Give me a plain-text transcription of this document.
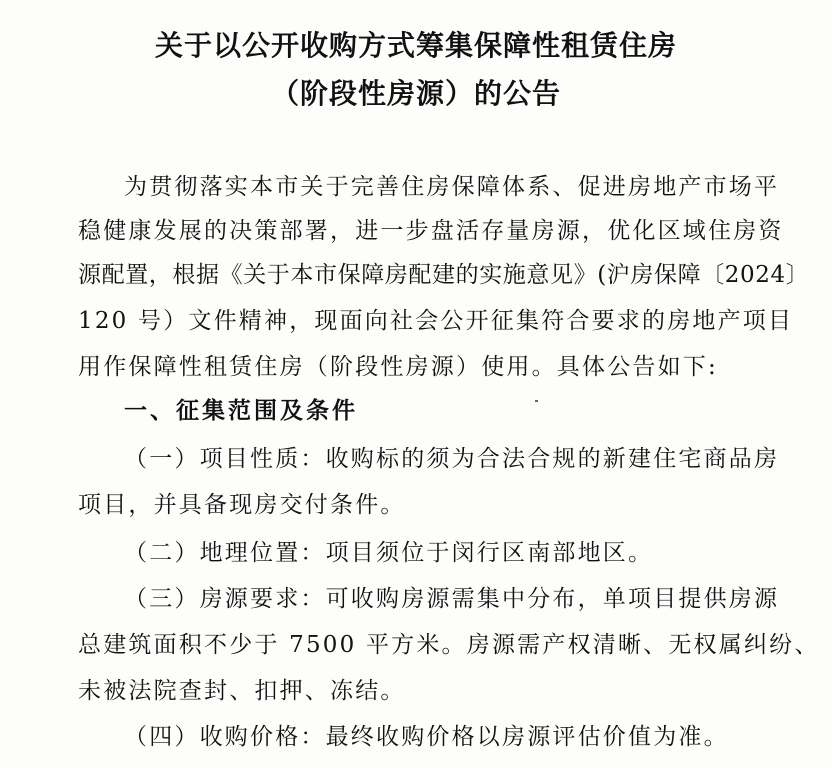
关于以公开收购方式筹集保障性租赁住房
（阶段性房源）的公告
为贯彻落实本市关于完善住房保障体系、促进房地产市场平
稳健康发展的决策部署，进一步盘活存量房源，优化区域住房资
源配置，根据《关于本市保障房配建的实施意见》(沪房保障〔2024〕
120 号）文件精神，现面向社会公开征集符合要求的房地产项目
用作保障性租赁住房（阶段性房源）使用。具体公告如下:
一、征集范围及条件
（一）项目性质：收购标的须为合法合规的新建住宅商品房
项目，并具备现房交付条件。
（二）地理位置：项目须位于闵行区南部地区。
（三）房源要求：可收购房源需集中分布，单项目提供房源
总建筑面积不少于 7500 平方米。房源需产权清晰、无权属纠纷、
未被法院查封、扣押、冻结。
（四）收购价格：最终收购价格以房源评估价值为准。
